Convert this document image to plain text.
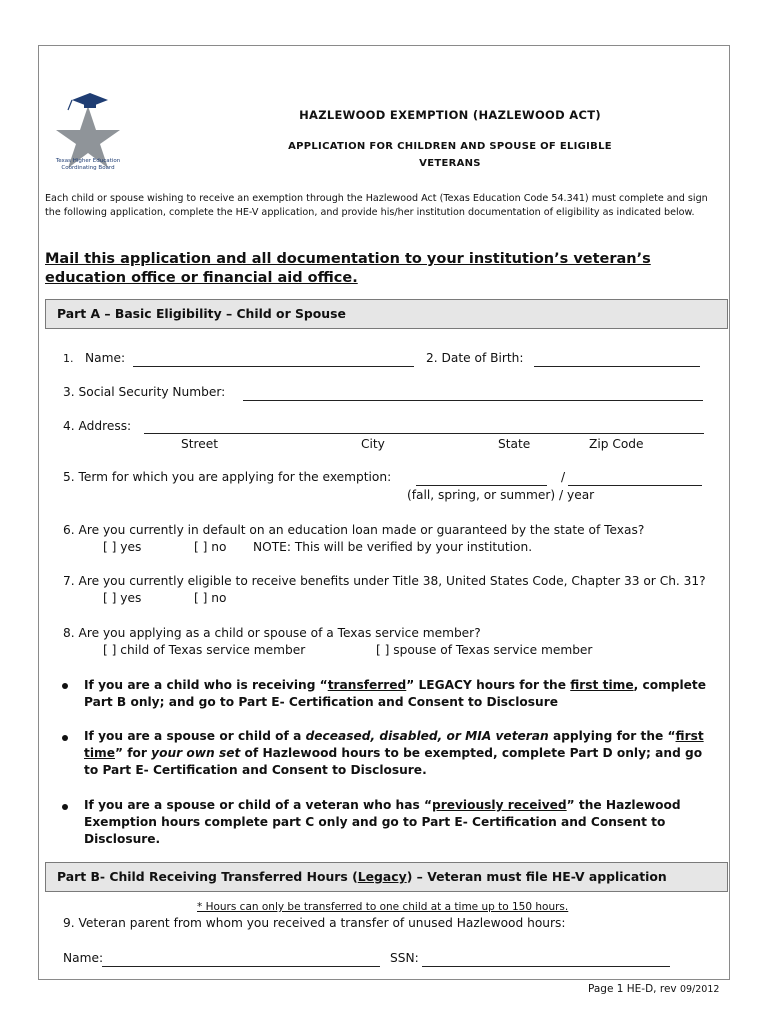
Texas Higher Education Coordinating Board
HAZLEWOOD EXEMPTION (HAZLEWOOD ACT)
APPLICATION FOR CHILDREN AND SPOUSE OF ELIGIBLE
VETERANS
Each child or spouse wishing to receive an exemption through the Hazlewood Act (Texas Education Code 54.341) must complete and sign the following application, complete the HE-V application, and provide his/her institution documentation of eligibility as indicated below.
Mail this application and all documentation to your institution’s veteran’s education office or financial aid office.
Part A – Basic Eligibility – Child or Spouse
1. Name:	2. Date of Birth:
3. Social Security Number:
4. Address:
Street	City	State	Zip Code
5. Term for which you are applying for the exemption:	/
(fall, spring, or summer) / year
6. Are you currently in default on an education loan made or guaranteed by the state of Texas?
[ ] yes	[ ] no NOTE: This will be verified by your institution.
7. Are you currently eligible to receive benefits under Title 38, United States Code, Chapter 33 or Ch. 31?
[ ] yes	[ ] no
8. Are you applying as a child or spouse of a Texas service member?
[ ] child of Texas service member	[ ] spouse of Texas service member
If you are a child who is receiving “transferred” LEGACY hours for the first time, complete Part B only; and go to Part E- Certification and Consent to Disclosure
If you are a spouse or child of a deceased, disabled, or MIA veteran applying for the “first time” for your own set of Hazlewood hours to be exempted, complete Part D only; and go to Part E- Certification and Consent to Disclosure.
If you are a spouse or child of a veteran who has “previously received” the Hazlewood Exemption hours complete part C only and go to Part E- Certification and Consent to Disclosure.
Part B- Child Receiving Transferred Hours (Legacy) – Veteran must file HE-V application
* Hours can only be transferred to one child at a time up to 150 hours.
9. Veteran parent from whom you received a transfer of unused Hazlewood hours:
Name:	SSN:
Page 1 HE-D, rev 09/2012
